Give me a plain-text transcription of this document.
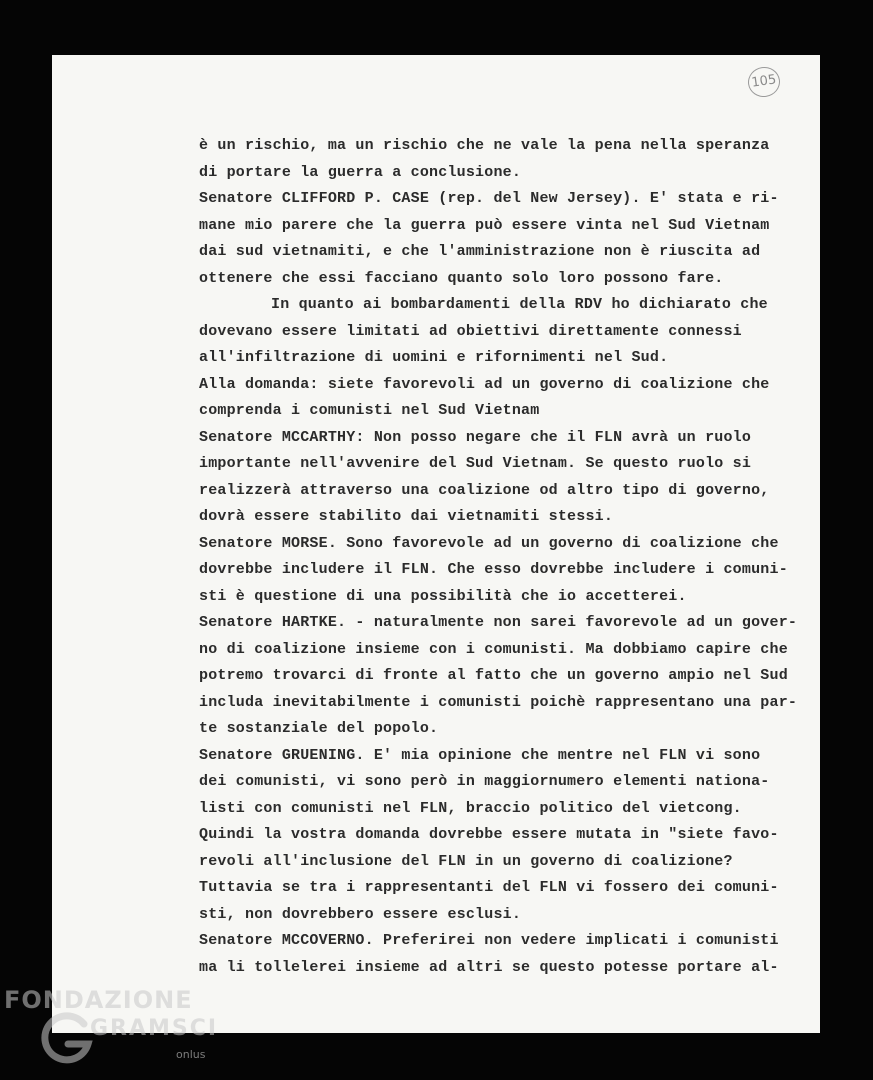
105
è un rischio, ma un rischio che ne vale la pena nella speranza
di portare la guerra a conclusione.
Senatore CLIFFORD P. CASE (rep. del New Jersey). E' stata e ri-
mane mio parere che la guerra può essere vinta nel Sud Vietnam
dai sud vietnamiti, e che l'amministrazione non è riuscita ad
ottenere che essi facciano quanto solo loro possono fare.
In quanto ai bombardamenti della RDV ho dichiarato che
dovevano essere limitati ad obiettivi direttamente connessi
all'infiltrazione di uomini e rifornimenti nel Sud.
Alla domanda: siete favorevoli ad un governo di coalizione che
comprenda i comunisti nel Sud Vietnam
Senatore MCCARTHY: Non posso negare che il FLN avrà un ruolo
importante nell'avvenire del Sud Vietnam. Se questo ruolo si
realizzerà attraverso una coalizione od altro tipo di governo,
dovrà essere stabilito dai vietnamiti stessi.
Senatore MORSE. Sono favorevole ad un governo di coalizione che
dovrebbe includere il FLN. Che esso dovrebbe includere i comuni-
sti è questione di una possibilità che io accetterei.
Senatore HARTKE. - naturalmente non sarei favorevole ad un gover-
no di coalizione insieme con i comunisti. Ma dobbiamo capire che
potremo trovarci di fronte al fatto che un governo ampio nel Sud
includa inevitabilmente i comunisti poichè rappresentano una par-
te sostanziale del popolo.
Senatore GRUENING. E' mia opinione che mentre nel FLN vi sono
dei comunisti, vi sono però in maggiornumero elementi nationa-
listi con comunisti nel FLN, braccio politico del vietcong.
Quindi la vostra domanda dovrebbe essere mutata in "siete favo-
revoli all'inclusione del FLN in un governo di coalizione?
Tuttavia se tra i rappresentanti del FLN vi fossero dei comuni-
sti, non dovrebbero essere esclusi.
Senatore MCCOVERNO. Preferirei non vedere implicati i comunisti
ma li tollelerei insieme ad altri se questo potesse portare al-
FONDAZIONE
GRAMSCI
onlus
